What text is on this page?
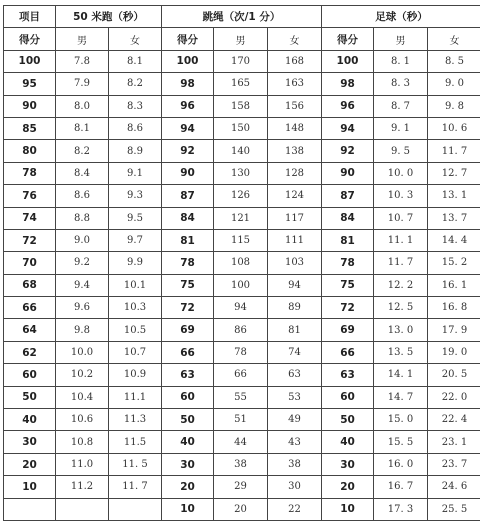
项目	50 米跑（秒）		跳绳（次/1 分）			足球（秒）		
得分	男	女	得分	男	女	得分	男	女
100	7.8	8.1	100	170	168	100	8. 1	8. 5
95	7.9	8.2	98	165	163	98	8. 3	9. 0
90	8.0	8.3	96	158	156	96	8. 7	9. 8
85	8.1	8.6	94	150	148	94	9. 1	10. 6
80	8.2	8.9	92	140	138	92	9. 5	11. 7
78	8.4	9.1	90	130	128	90	10. 0	12. 7
76	8.6	9.3	87	126	124	87	10. 3	13. 1
74	8.8	9.5	84	121	117	84	10. 7	13. 7
72	9.0	9.7	81	115	111	81	11. 1	14. 4
70	9.2	9.9	78	108	103	78	11. 7	15. 2
68	9.4	10.1	75	100	94	75	12. 2	16. 1
66	9.6	10.3	72	94	89	72	12. 5	16. 8
64	9.8	10.5	69	86	81	69	13. 0	17. 9
62	10.0	10.7	66	78	74	66	13. 5	19. 0
60	10.2	10.9	63	66	63	63	14. 1	20. 5
50	10.4	11.1	60	55	53	60	14. 7	22. 0
40	10.6	11.3	50	51	49	50	15. 0	22. 4
30	10.8	11.5	40	44	43	40	15. 5	23. 1
20	11.0	11. 5	30	38	38	30	16. 0	23. 7
10	11.2	11. 7	20	29	30	20	16. 7	24. 6
			10	20	22	10	17. 3	25. 5
